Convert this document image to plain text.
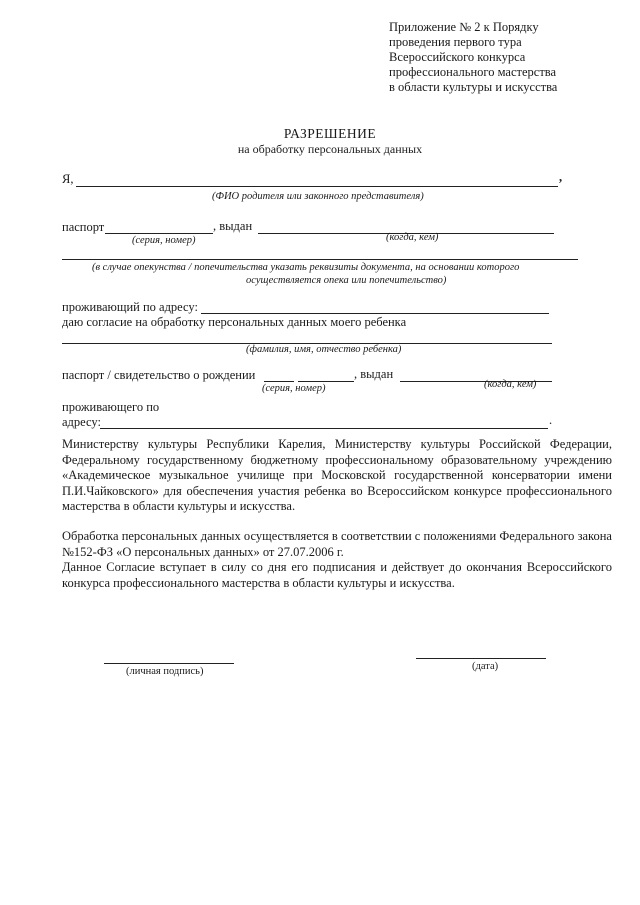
Приложение № 2 к Порядку
проведения первого тура
Всероссийского конкурса
профессионального мастерства
в области культуры и искусства
РАЗРЕШЕНИЕ
на обработку персональных данных
Я,	,
(ФИО родителя или законного представителя)
паспорт	, выдан
(серия, номер)	(когда, кем)
(в случае опекунства / попечительства указать реквизиты документа, на основании которого
осуществляется опека или попечительство)
проживающий по адресу:
даю согласие на обработку персональных данных моего ребенка
(фамилия, имя, отчество ребенка)
паспорт / свидетельство о рождении	, выдан
(серия, номер)	(когда, кем)
проживающего по
адресу:	.
Министерству культуры Республики Карелия, Министерству культуры Российской Федерации, Федеральному государственному бюджетному профессиональному образовательному учреждению «Академическое музыкальное училище при Московской государственной консерватории имени П.И.Чайковского» для обеспечения участия ребенка во Всероссийском конкурсе профессионального мастерства в области культуры и искусства.
Обработка персональных данных осуществляется в соответствии с положениями Федерального закона №152-ФЗ «О персональных данных» от 27.07.2006 г.
Данное Согласие вступает в силу со дня его подписания и действует до окончания Всероссийского конкурса профессионального мастерства в области культуры и искусства.
(личная подпись)	(дата)
